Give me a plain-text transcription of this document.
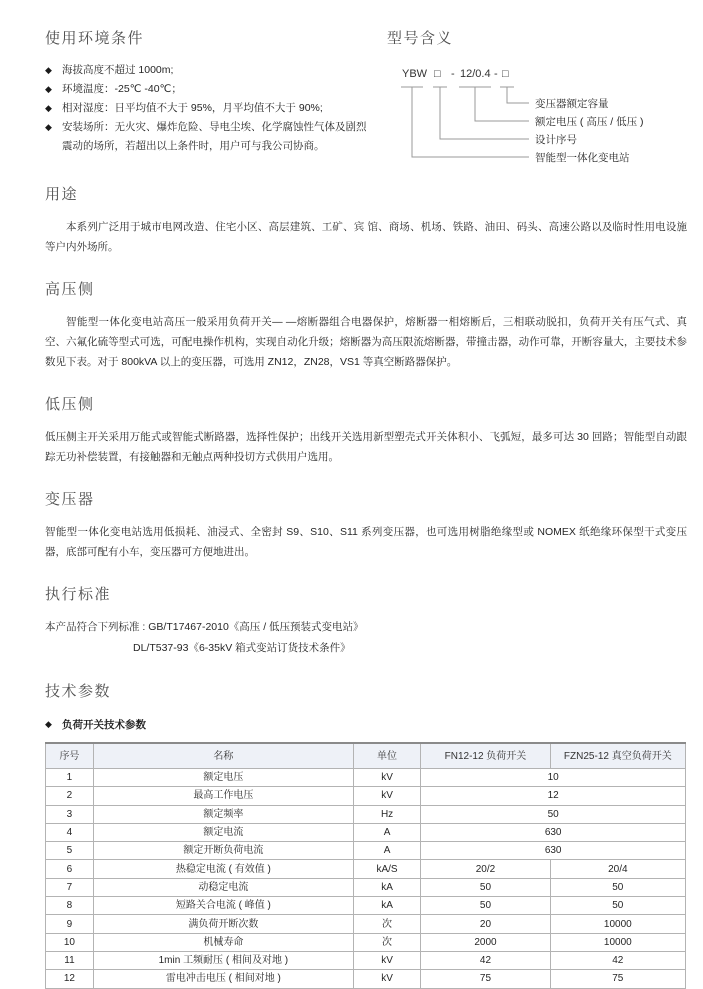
使用环境条件
◆ 海拔高度不超过 1000m;
◆ 环境温度：-25℃ -40℃；
◆ 相对湿度：日平均值不大于 95%，月平均值不大于 90%;
◆ 安装场所：无火灾、爆炸危险、导电尘埃、化学腐蚀性气体及剧烈震动的场所，若超出以上条件时，用户可与我公司协商。
型号含义
YBW □ - 12/0.4 - □
变压器额定容量
额定电压 ( 高压 / 低压 )
设计序号
智能型一体化变电站
用途

本系列广泛用于城市电网改造、住宅小区、高层建筑、工矿、宾 馆、商场、机场、铁路、油田、码头、高速公路以及临时性用电设施等户内外场所。

高压侧

智能型一体化变电站高压一般采用负荷开关— —熔断器组合电器保护，熔断器一相熔断后，三相联动脱扣，负荷开关有压气式、真空、六氟化硫等型式可选，可配电操作机构，实现自动化升级；熔断器为高压限流熔断器，带撞击器，动作可靠，开断容量大，主要技术参数见下表。对于 800kVA 以上的变压器，可选用 ZN12，ZN28，VS1 等真空断路器保护。

低压侧

低压侧主开关采用万能式或智能式断路器，选择性保护；出线开关选用新型塑壳式开关体积小、飞弧短，最多可达 30 回路；智能型自动跟踪无功补偿装置，有接触器和无触点两种投切方式供用户选用。

变压器

智能型一体化变电站选用低损耗、油浸式、全密封 S9、S10、S11 系列变压器，也可选用树脂绝缘型或 NOMEX 纸绝缘环保型干式变压器，底部可配有小车，变压器可方便地进出。

执行标准

本产品符合下列标准 : GB/T17467-2010《高压 / 低压预装式变电站》

DL/T537-93《6-35kV 箱式变站订货技术条件》

技术参数
◆ 负荷开关技术参数
序号	名称	单位	FN12-12 负荷开关	FZN25-12 真空负荷开关
1	额定电压	kV	10	
2	最高工作电压	kV	12	
3	额定频率	Hz	50	
4	额定电流	A	630	
5	额定开断负荷电流	A	630	
6	热稳定电流 ( 有效值 )	kA/S	20/2	20/4
7	动稳定电流	kA	50	50
8	短路关合电流 ( 峰值 )	kA	50	50
9	满负荷开断次数	次	20	10000
10	机械寿命	次	2000	10000
11	1min 工频耐压 ( 相间及对地 )	kV	42	42
12	雷电冲击电压 ( 相间对地 )	kV	75	75
